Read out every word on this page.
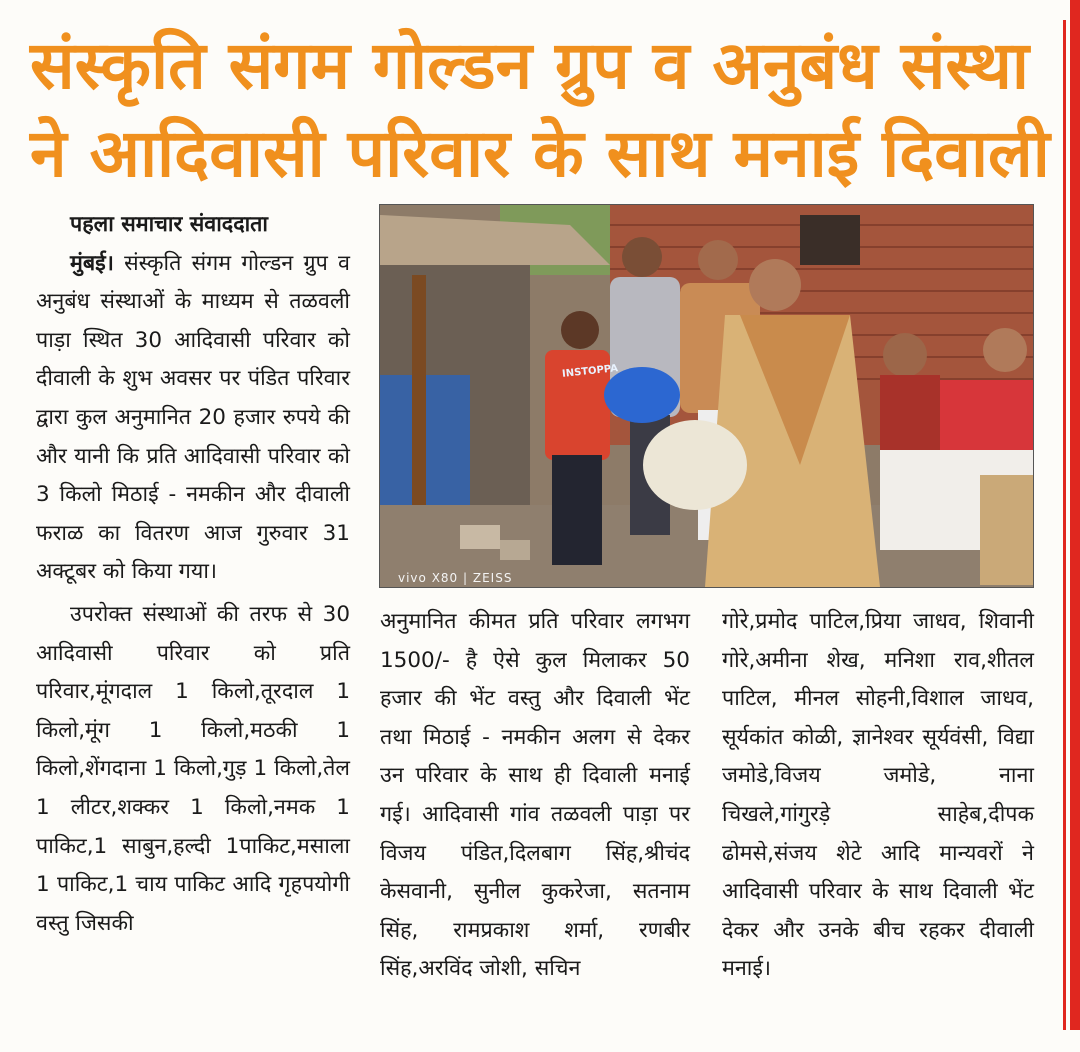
संस्कृति संगम गोल्डन ग्रुप व अनुबंध संस्था
ने आदिवासी परिवार के साथ मनाई दिवाली
पहला समाचार संवाददाता

मुंबई। संस्कृति संगम गोल्डन ग्रुप व अनुबंध संस्थाओं के माध्यम से तळवली पाड़ा स्थित 30 आदिवासी परिवार को दीवाली के शुभ अवसर पर पंडित परिवार द्वारा कुल अनुमानित 20 हजार रुपये की और यानी कि प्रति आदिवासी परिवार को 3 किलो मिठाई - नमकीन और दीवाली फराळ का वितरण आज गुरुवार 31 अक्टूबर को किया गया।

उपरोक्त संस्थाओं की तरफ से 30 आदिवासी परिवार को प्रति परिवार,मूंगदाल 1 किलो,तूरदाल 1 किलो,मूंग 1 किलो,मठकी 1 किलो,शेंगदाना 1 किलो,गुड़ 1 किलो,तेल 1 लीटर,शक्कर 1 किलो,नमक 1 पाकिट,1 साबुन,हल्दी 1पाकिट,मसाला 1 पाकिट,1 चाय पाकिट आदि गृहपयोगी वस्तु जिसकी

INSTOPPA
vivo X80 | ZEISS

अनुमानित कीमत प्रति परिवार लगभग 1500/- है ऐसे कुल मिलाकर 50 हजार की भेंट वस्तु और दिवाली भेंट तथा मिठाई - नमकीन अलग से देकर उन परिवार के साथ ही दिवाली मनाई गई। आदिवासी गांव तळवली पाड़ा पर विजय पंडित,दिलबाग सिंह,श्रीचंद केसवानी, सुनील कुकरेजा, सतनाम सिंह, रामप्रकाश शर्मा, रणबीर सिंह,अरविंद जोशी, सचिन

गोरे,प्रमोद पाटिल,प्रिया जाधव, शिवानी गोरे,अमीना शेख, मनिशा राव,शीतल पाटिल, मीनल सोहनी,विशाल जाधव, सूर्यकांत कोळी, ज्ञानेश्वर सूर्यवंसी, विद्या जमोडे,विजय जमोडे, नाना चिखले,गांगुरड़े साहेब,दीपक ढोमसे,संजय शेटे आदि मान्यवरों ने आदिवासी परिवार के साथ दिवाली भेंट देकर और उनके बीच रहकर दीवाली मनाई।
